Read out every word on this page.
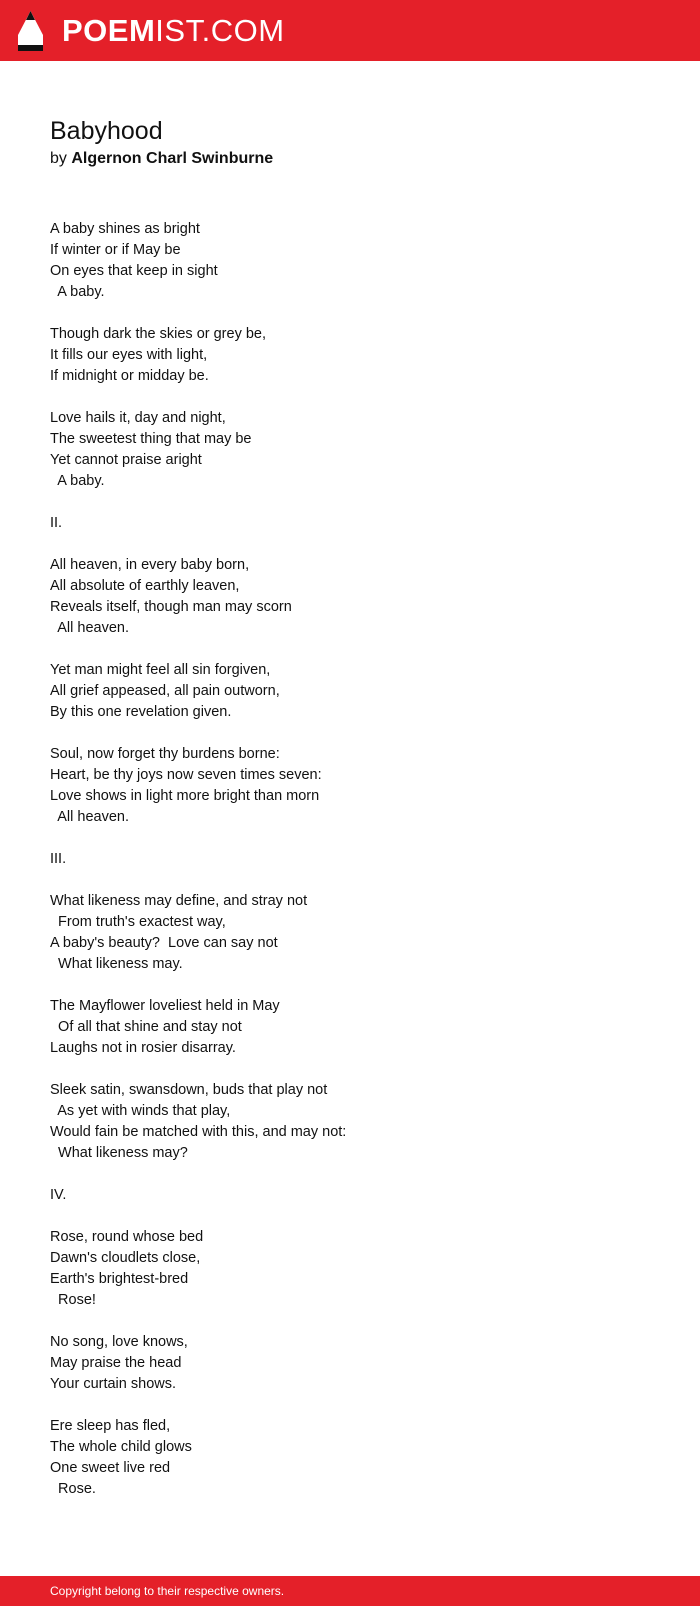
POEMIST.COM
Babyhood
by Algernon Charl Swinburne
A baby shines as bright
If winter or if May be
On eyes that keep in sight
A baby.
Though dark the skies or grey be,
It fills our eyes with light,
If midnight or midday be.
Love hails it, day and night,
The sweetest thing that may be
Yet cannot praise aright
A baby.
II.
All heaven, in every baby born,
All absolute of earthly leaven,
Reveals itself, though man may scorn
All heaven.
Yet man might feel all sin forgiven,
All grief appeased, all pain outworn,
By this one revelation given.
Soul, now forget thy burdens borne:
Heart, be thy joys now seven times seven:
Love shows in light more bright than morn
All heaven.
III.
What likeness may define, and stray not
From truth's exactest way,
A baby's beauty?  Love can say not
What likeness may.
The Mayflower loveliest held in May
Of all that shine and stay not
Laughs not in rosier disarray.
Sleek satin, swansdown, buds that play not
As yet with winds that play,
Would fain be matched with this, and may not:
What likeness may?
IV.
Rose, round whose bed
Dawn's cloudlets close,
Earth's brightest-bred
Rose!
No song, love knows,
May praise the head
Your curtain shows.
Ere sleep has fled,
The whole child glows
One sweet live red
Rose.
Copyright belong to their respective owners.
